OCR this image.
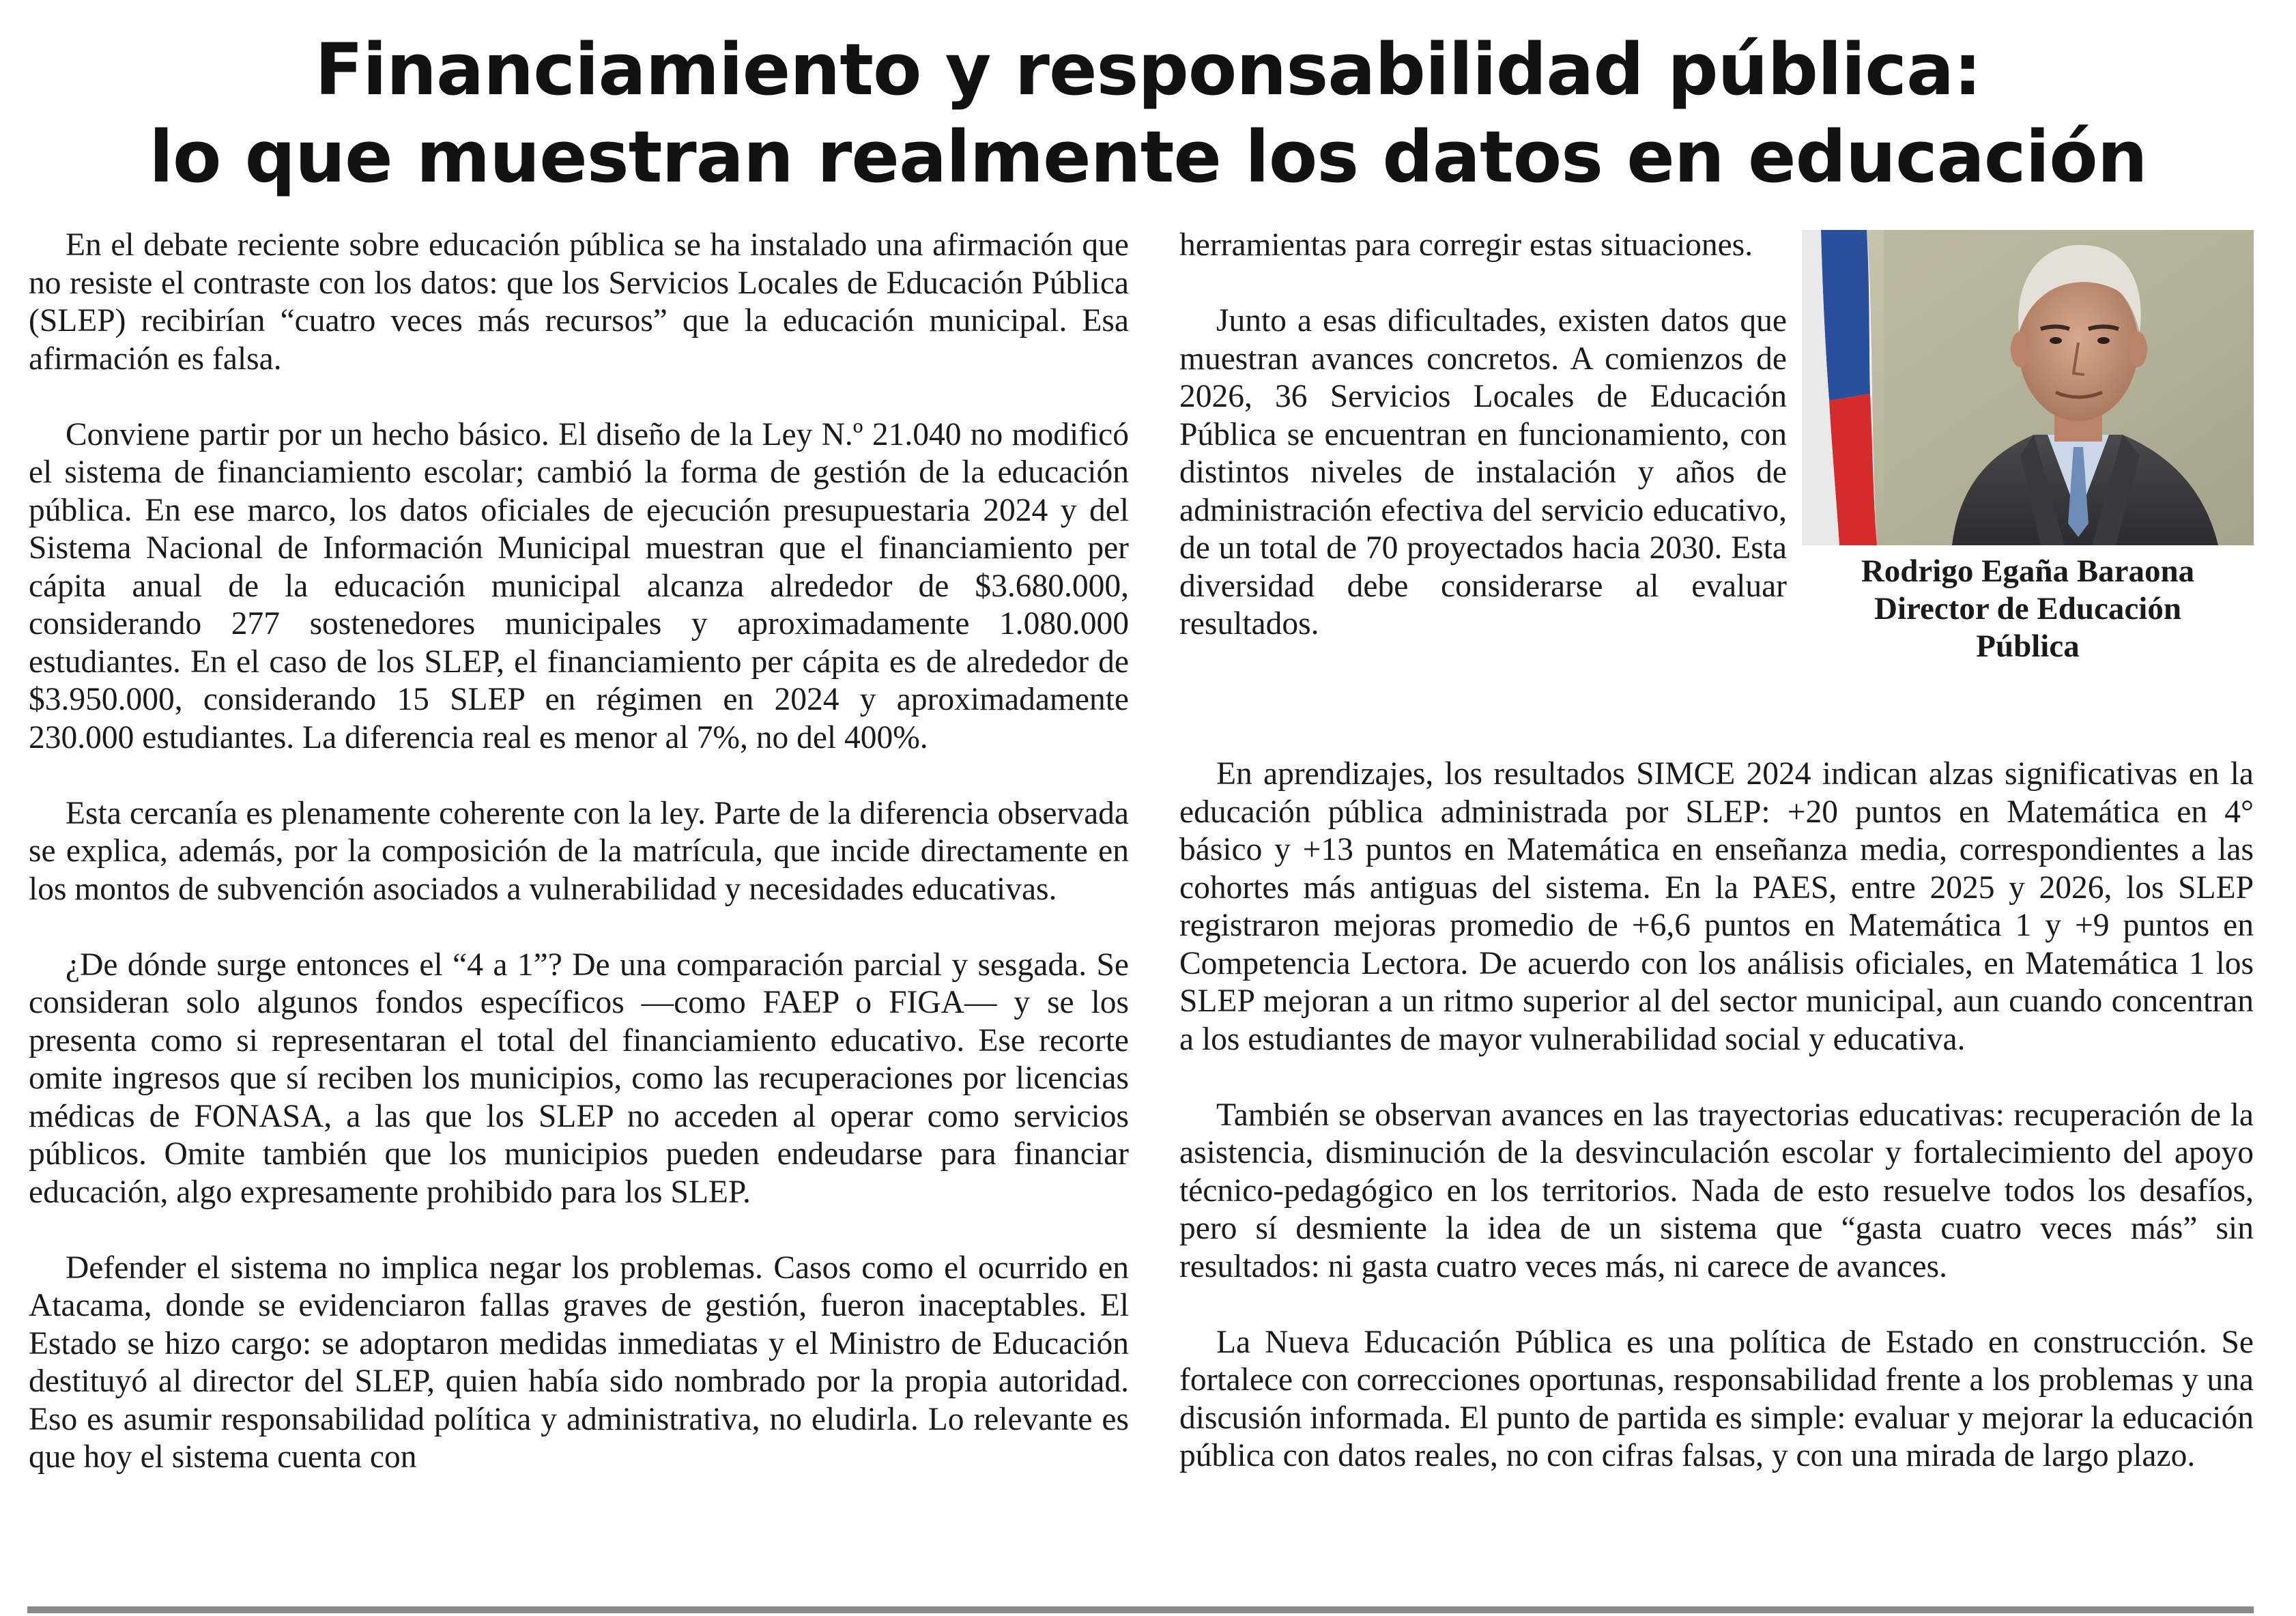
Financiamiento y responsabilidad pública:
lo que muestran realmente los datos en educación

En el debate reciente sobre educación pública se ha instalado una afirmación que no resiste el contraste con los datos: que los Servicios Locales de Educación Pública (SLEP) recibirían “cuatro veces más recursos” que la educación municipal. Esa afirmación es falsa.

Conviene partir por un hecho básico. El diseño de la Ley N.º 21.040 no modificó el sistema de financiamiento escolar; cambió la forma de gestión de la educación pública. En ese marco, los datos oficiales de ejecución presupuestaria 2024 y del Sistema Nacional de Información Municipal muestran que el financiamiento per cápita anual de la educación municipal alcanza alrededor de $3.680.000, considerando 277 sostenedores municipales y aproximadamente 1.080.000 estudiantes. En el caso de los SLEP, el financiamiento per cápita es de alrededor de $3.950.000, considerando 15 SLEP en régimen en 2024 y aproximadamente 230.000 estudiantes. La diferencia real es menor al 7%, no del 400%.

Esta cercanía es plenamente coherente con la ley. Parte de la diferencia observada se explica, además, por la composición de la matrícula, que incide directamente en los montos de subvención asociados a vulnerabilidad y necesidades educativas.

¿De dónde surge entonces el “4 a 1”? De una comparación parcial y sesgada. Se consideran solo algunos fondos específicos —como FAEP o FIGA— y se los presenta como si representaran el total del financiamiento educativo. Ese recorte omite ingresos que sí reciben los municipios, como las recuperaciones por licencias médicas de FONASA, a las que los SLEP no acceden al operar como servicios públicos. Omite también que los municipios pueden endeudarse para financiar educación, algo expresamente prohibido para los SLEP.

Defender el sistema no implica negar los problemas. Casos como el ocurrido en Atacama, donde se evidenciaron fallas graves de gestión, fueron inaceptables. El Estado se hizo cargo: se adoptaron medidas inmediatas y el Ministro de Educación destituyó al director del SLEP, quien había sido nombrado por la propia autoridad. Eso es asumir responsabilidad política y administrativa, no eludirla. Lo relevante es que hoy el sistema cuenta con

herramientas para corregir estas situaciones.

Junto a esas dificultades, existen datos que muestran avances concretos. A comienzos de 2026, 36 Servicios Locales de Educación Pública se encuentran en funcionamiento, con distintos niveles de instalación y años de administración efectiva del servicio educativo, de un total de 70 proyectados hacia 2030. Esta diversidad debe considerarse al evaluar resultados.

Rodrigo Egaña Baraona
Director de Educación
Pública

En aprendizajes, los resultados SIMCE 2024 indican alzas significativas en la educación pública administrada por SLEP: +20 puntos en Matemática en 4° básico y +13 puntos en Matemática en enseñanza media, correspondientes a las cohortes más antiguas del sistema. En la PAES, entre 2025 y 2026, los SLEP registraron mejoras promedio de +6,6 puntos en Matemática 1 y +9 puntos en Competencia Lectora. De acuerdo con los análisis oficiales, en Matemática 1 los SLEP mejoran a un ritmo superior al del sector municipal, aun cuando concentran a los estudiantes de mayor vulnerabilidad social y educativa.

También se observan avances en las trayectorias educativas: recuperación de la asistencia, disminución de la desvinculación escolar y fortalecimiento del apoyo técnico-pedagógico en los territorios. Nada de esto resuelve todos los desafíos, pero sí desmiente la idea de un sistema que “gasta cuatro veces más” sin resultados: ni gasta cuatro veces más, ni carece de avances.

La Nueva Educación Pública es una política de Estado en construcción. Se fortalece con correcciones oportunas, responsabilidad frente a los problemas y una discusión informada. El punto de partida es simple: evaluar y mejorar la educación pública con datos reales, no con cifras falsas, y con una mirada de largo plazo.
